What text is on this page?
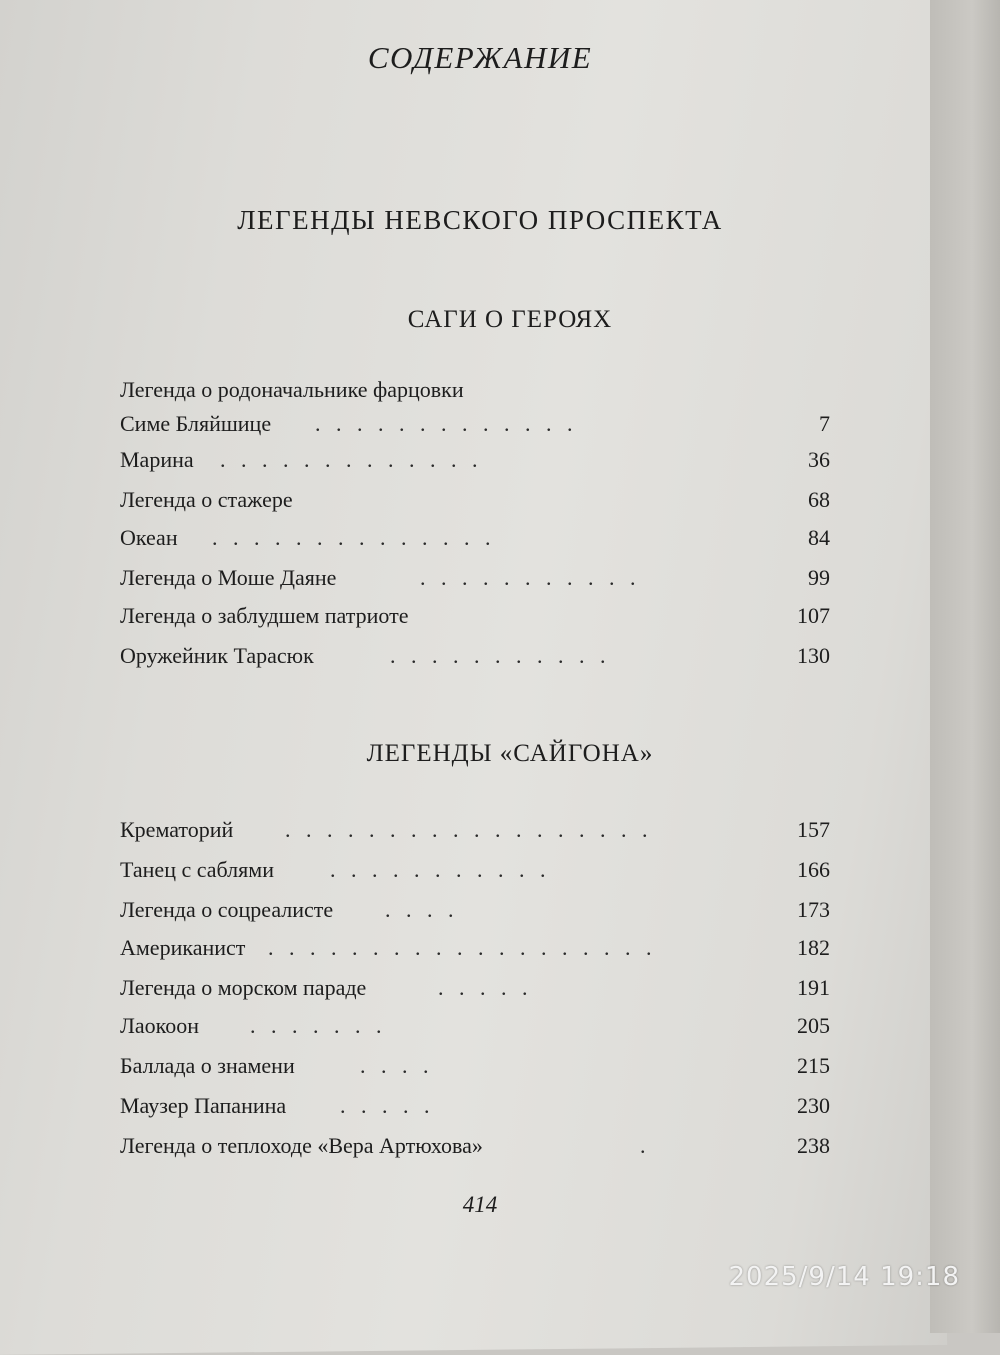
СОДЕРЖАНИЕ
ЛЕГЕНДЫ НЕВСКОГО ПРОСПЕКТА
САГИ О ГЕРОЯХ
Легенда о родоначальнике фарцовки
Симе Бляйшице . . . . . . . . . . . . .	7
Марина . . . . . . . . . . . . .	36
Легенда о стажере	68
Океан . . . . . . . . . . . . . .	84
Легенда о Моше Даяне	. . . . . . . . . . .	99
Легенда о заблудшем патриоте	107
Оружейник Тарасюк	. . . . . . . . . . .	130
ЛЕГЕНДЫ «САЙГОНА»
Крематорий . . . . . . . . . . . . . . . . . .	157
Танец с саблями	. . . . . . . . . . .	166
Легенда о соцреалисте . . . .	173
Американист . . . . . . . . . . . . . . . . . . .	182
Легенда о морском параде	. . . . .	191
Лаокоон . . . . . . .	205
Баллада о знамени	. . . .	215
Маузер Папанина . . . . .	230
Легенда о теплоходе «Вера Артюхова»	.	238
414
2025/9/14 19:18
